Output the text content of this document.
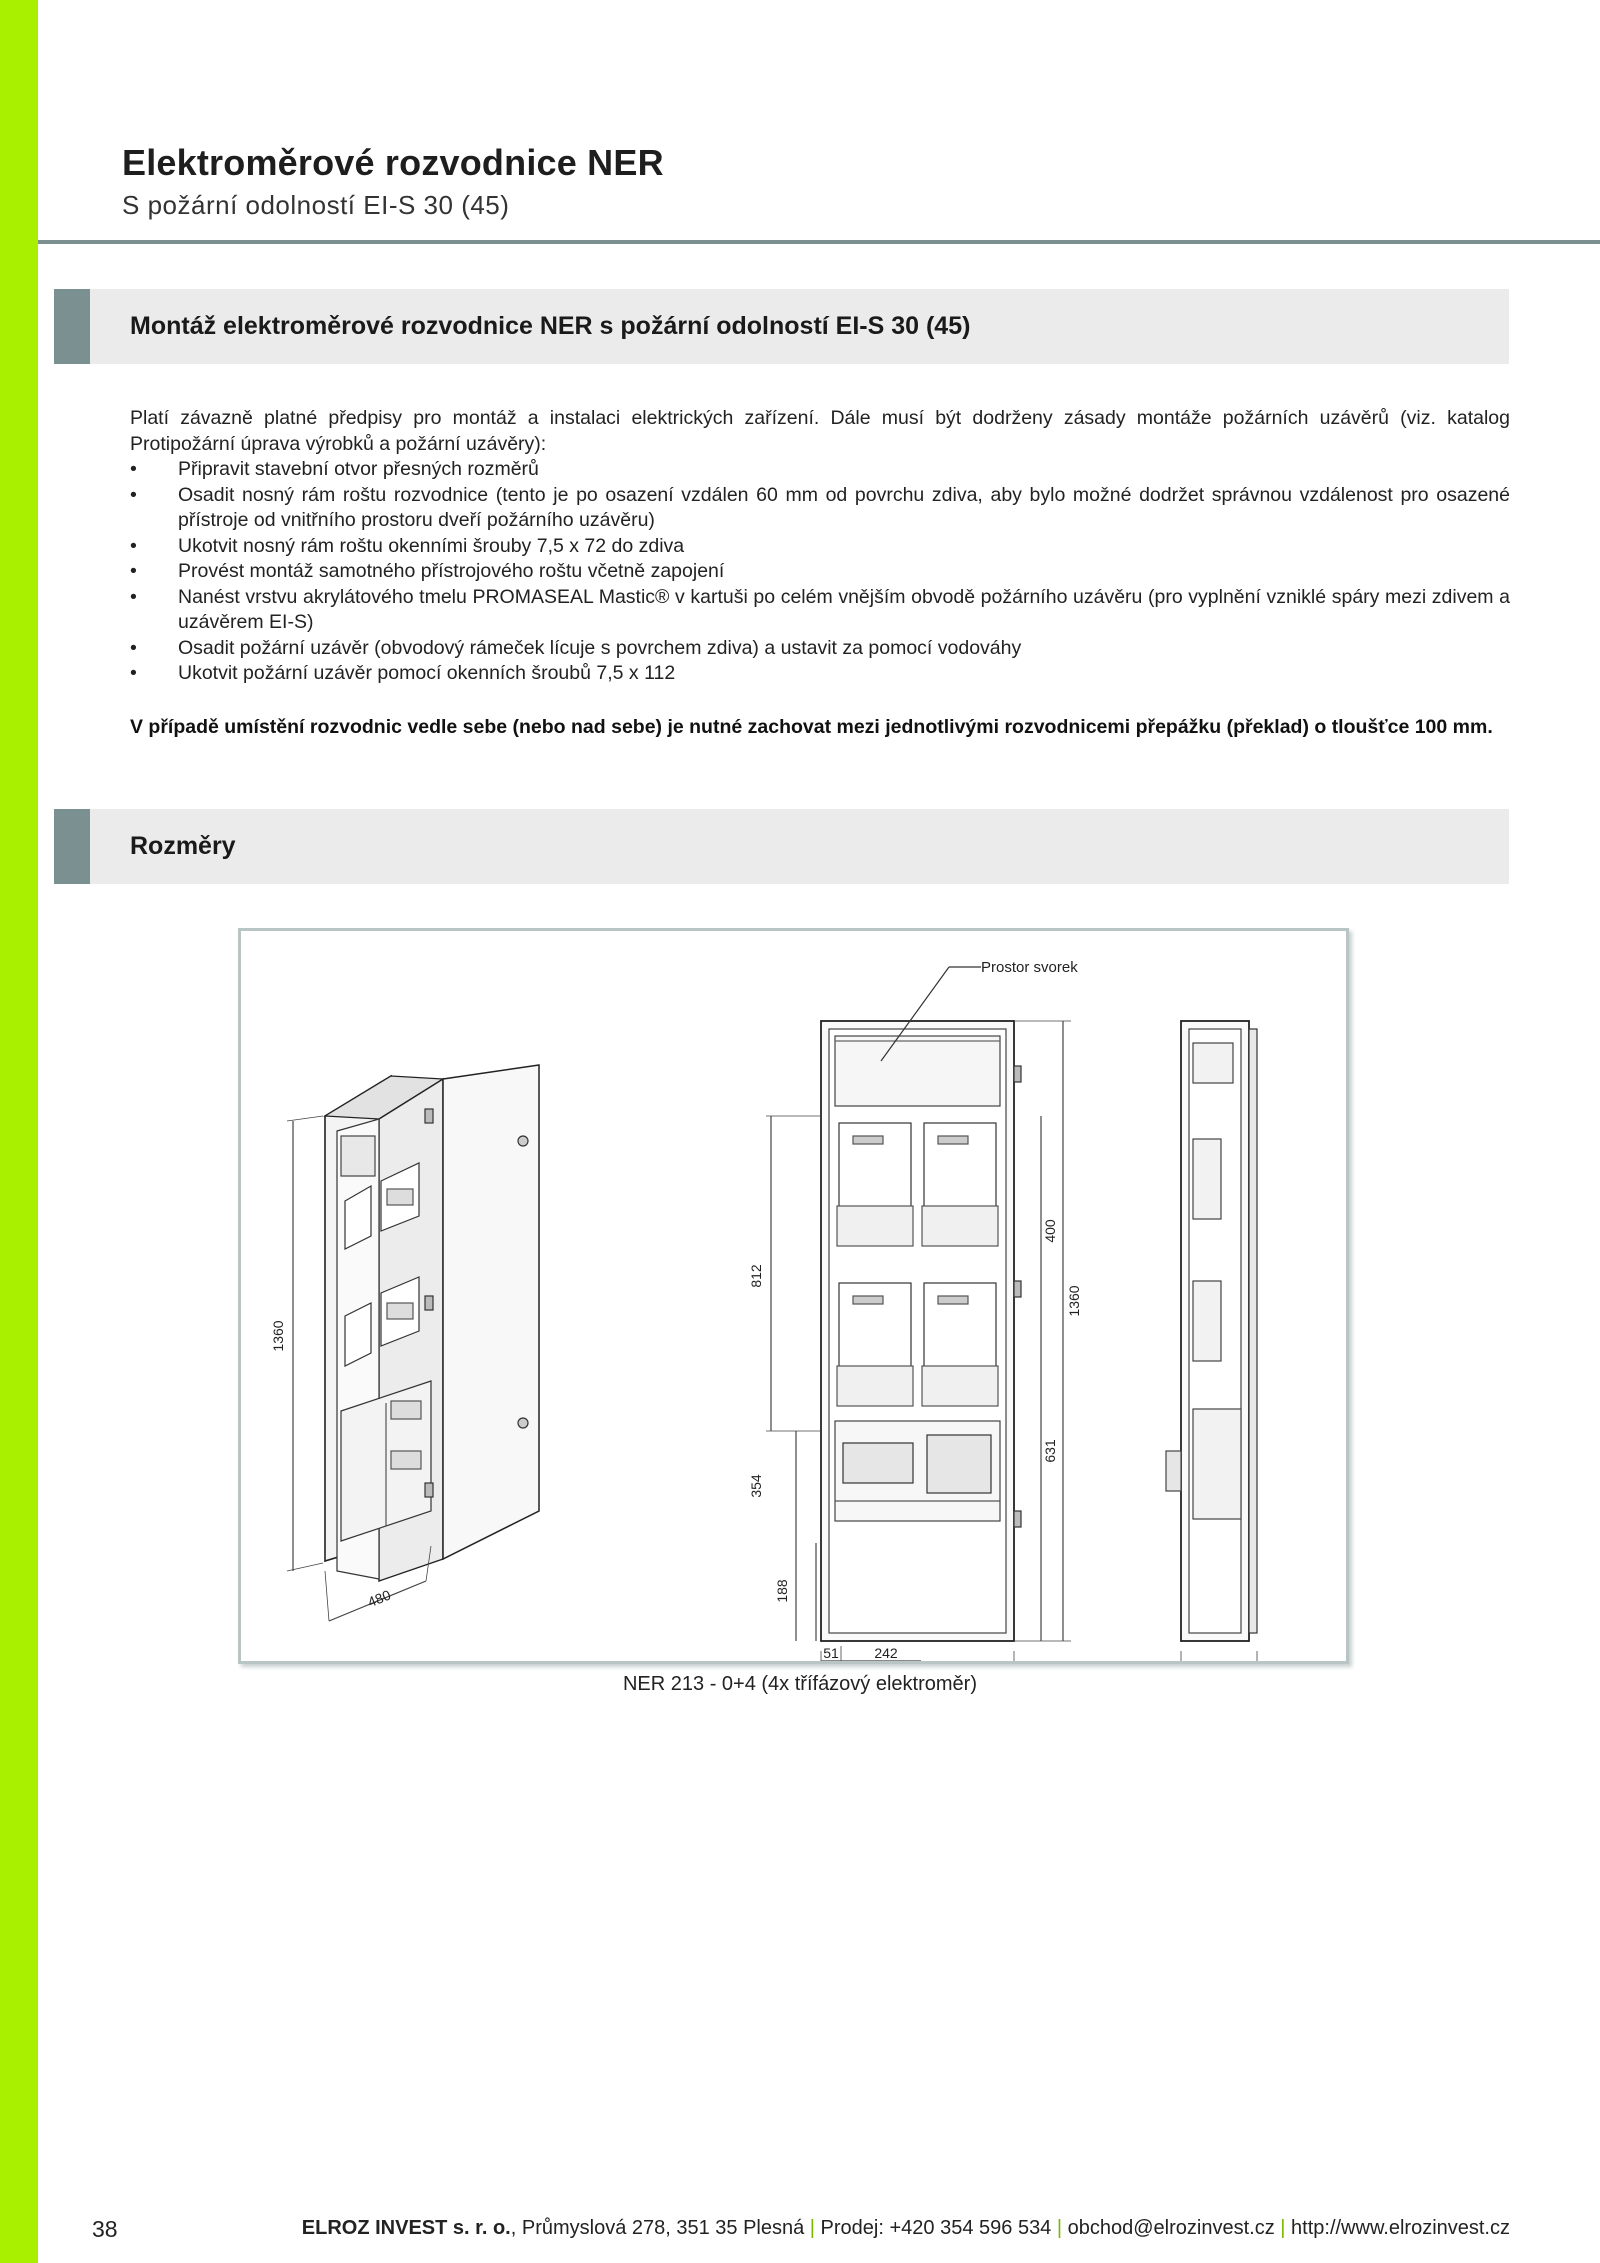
Elektroměrové rozvodnice NER
S požární odolností EI-S 30 (45)
Montáž elektroměrové rozvodnice NER s požární odolností EI-S 30 (45)

Platí závazně platné předpisy pro montáž a instalaci elektrických zařízení. Dále musí být dodrženy zásady montáže požárních uzávěrů (viz. katalog Protipožární úprava výrobků a požární uzávěry):

• Připravit stavební otvor přesných rozměrů
• Osadit nosný rám roštu rozvodnice (tento je po osazení vzdálen 60 mm od povrchu zdiva, aby bylo možné dodržet správnou vzdálenost pro osazené přístroje od vnitřního prostoru dveří požárního uzávěru)
• Ukotvit nosný rám roštu okenními šrouby 7,5 x 72 do zdiva
• Provést montáž samotného přístrojového roštu včetně zapojení
• Nanést vrstvu akrylátového tmelu PROMASEAL Mastic® v kartuši po celém vnějším obvodě požárního uzávěru (pro vyplnění vzniklé spáry mezi zdivem a uzávěrem EI-S)
• Osadit požární uzávěr (obvodový rámeček lícuje s povrchem zdiva) a ustavit za pomocí vodováhy
• Ukotvit požární uzávěr pomocí okenních šroubů 7,5 x 112
V případě umístění rozvodnic vedle sebe (nebo nad sebe) je nutné zachovat mezi jednotlivými rozvodnicemi přepážku (překlad) o tloušťce 100 mm.
Rozměry
1360
480
Prostor svorek
812
354
188
400
1360
631
51	242
NER 213 - 0+4 (4x třífázový elektroměr)
38	ELROZ INVEST s. r. o., Průmyslová 278, 351 35 Plesná | Prodej: +420 354 596 534 | obchod@elrozinvest.cz | http://www.elrozinvest.cz
